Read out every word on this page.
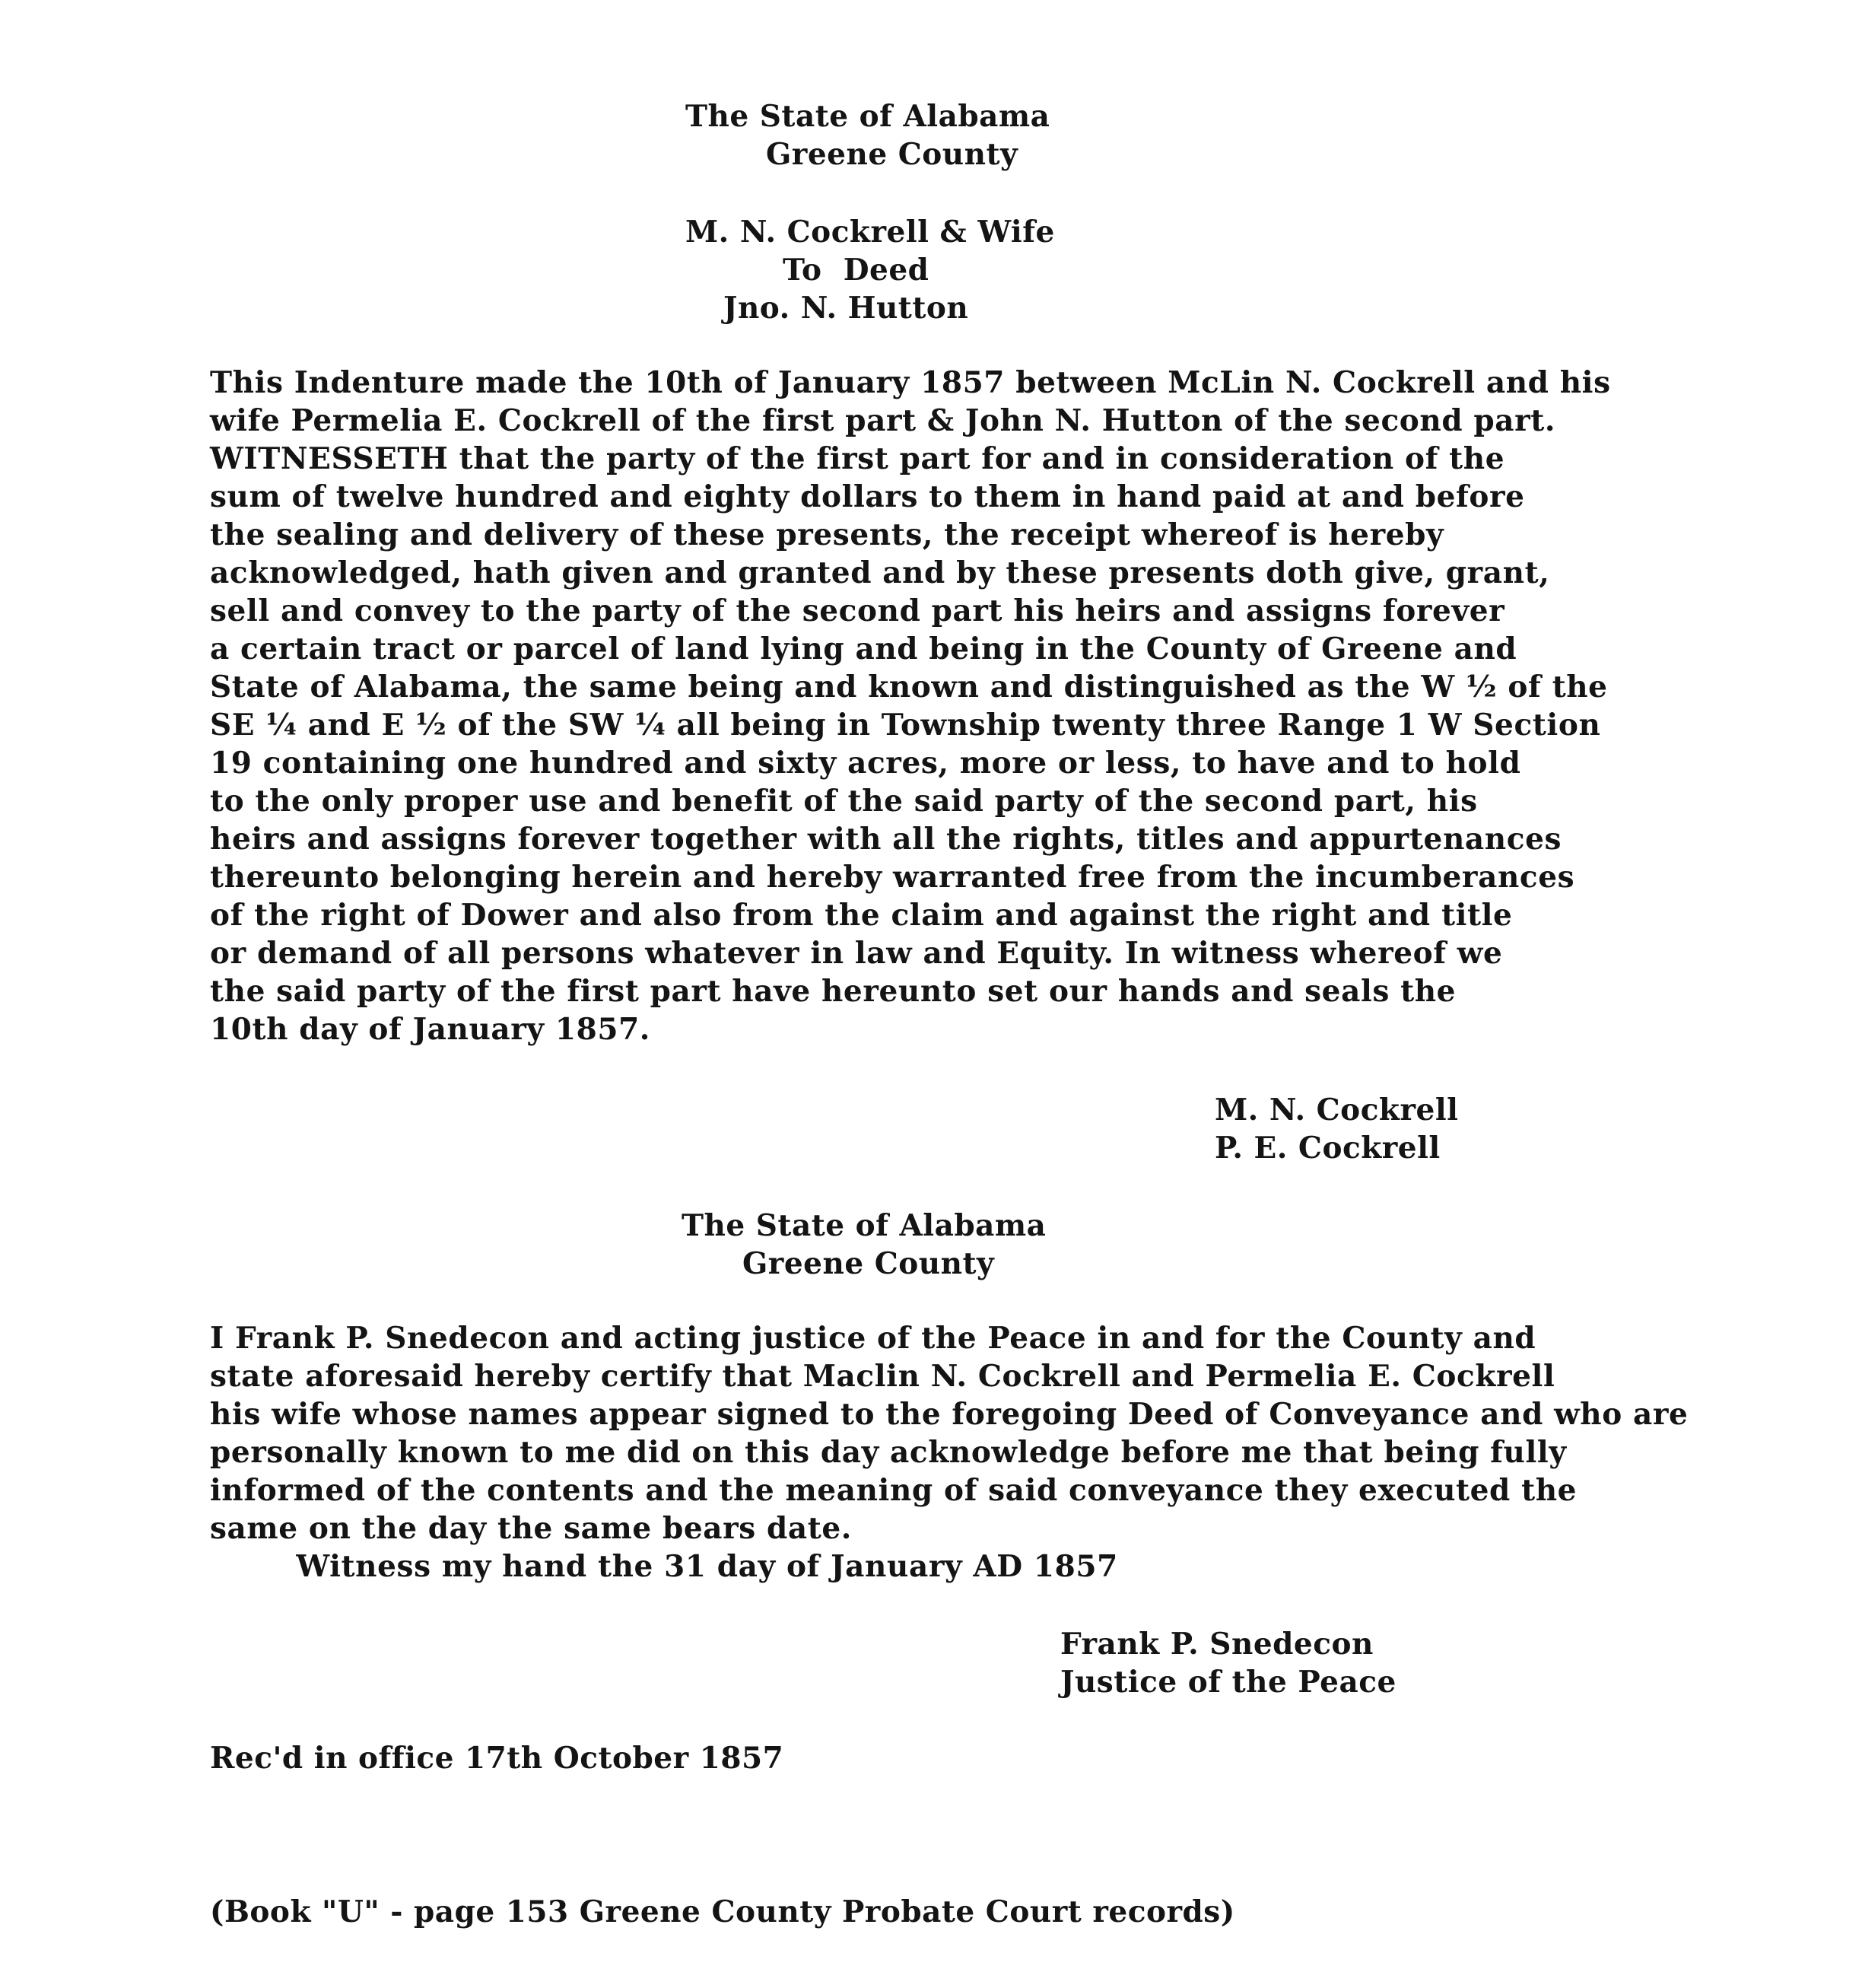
The State of Alabama
Greene County
M. N. Cockrell & Wife
To  Deed
Jno. N. Hutton
This Indenture made the 10th of January 1857 between McLin N. Cockrell and his
wife Permelia E. Cockrell of the first part & John N. Hutton of the second part.
WITNESSETH that the party of the first part for and in consideration of the
sum of twelve hundred and eighty dollars to them in hand paid at and before
the sealing and delivery of these presents, the receipt whereof is hereby
acknowledged, hath given and granted and by these presents doth give, grant,
sell and convey to the party of the second part his heirs and assigns forever
a certain tract or parcel of land lying and being in the County of Greene and
State of Alabama, the same being and known and distinguished as the W ½ of the
SE ¼ and E ½ of the SW ¼ all being in Township twenty three Range 1 W Section
19 containing one hundred and sixty acres, more or less, to have and to hold
to the only proper use and benefit of the said party of the second part, his
heirs and assigns forever together with all the rights, titles and appurtenances
thereunto belonging herein and hereby warranted free from the incumberances
of the right of Dower and also from the claim and against the right and title
or demand of all persons whatever in law and Equity. In witness whereof we
the said party of the first part have hereunto set our hands and seals the
10th day of January 1857.
M. N. Cockrell
P. E. Cockrell
The State of Alabama
Greene County
I Frank P. Snedecon and acting justice of the Peace in and for the County and
state aforesaid hereby certify that Maclin N. Cockrell and Permelia E. Cockrell
his wife whose names appear signed to the foregoing Deed of Conveyance and who are
personally known to me did on this day acknowledge before me that being fully
informed of the contents and the meaning of said conveyance they executed the
same on the day the same bears date.
Witness my hand the 31 day of January AD 1857
Frank P. Snedecon
Justice of the Peace
Rec'd in office 17th October 1857
(Book "U" - page 153 Greene County Probate Court records)
